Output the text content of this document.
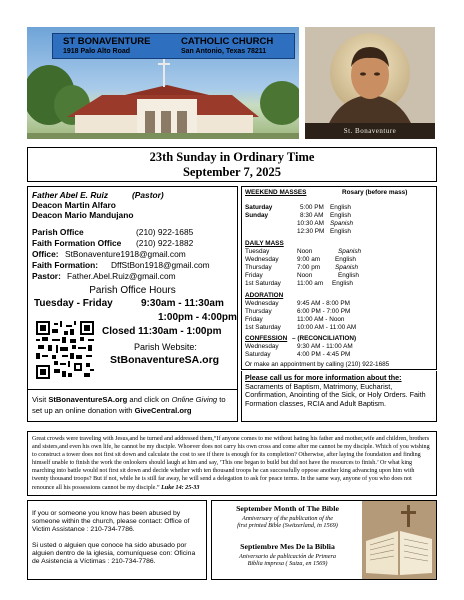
ST BONAVENTURE	CATHOLIC CHURCH
1918 Palo Alto Road	San Antonio, Texas 78211
St. Bonaventure
23th Sunday in Ordinary Time
September 7, 2025
Father Abel E. Ruiz	(Pastor)
Deacon Martin Alfaro
Deacon Mario Mandujano
Parish Office	(210) 922-1685
Faith Formation Office (210) 922-1882
Office: StBonaventure1918@gmail.com
Faith Formation: DffStBon1918@gmail.com
Pastor: Father.Abel.Ruiz@gmail.com
Parish Office Hours
Tuesday - Friday	9:30am - 11:30am
1:00pm - 4:00pm
Closed 11:30am - 1:00pm
Parish Website:
StBonaventureSA.org
Visit StBonaventureSA.org and click on Online Giving to set up an online donation with GiveCentral.org
WEEKEND MASSES	Rosary (before mass)
Saturday	5:00 PM English
Sunday	8:30 AM English
10:30 AM Spanish
12:30 PM English
DAILY MASS
Tuesday	Noon	Spanish
Wednesday	9:00 am English
Thursday	7:00 pm Spanish
Friday	Noon	English
1st Saturday	11:00 am English
ADORATION
Wednesday	9:45 AM - 8:00 PM
Thursday	6:00 PM - 7:00 PM
Friday	11:00 AM - Noon
1st Saturday	10:00 AM - 11:00 AM
CONFESSION – (RECONCILIATION)
Wednesday	9:30 AM - 11:00 AM
Saturday	4:00 PM - 4:45 PM
Or make an appointment by calling (210) 922-1685
Please call us for more information about the:
Sacraments of Baptism, Matrimony, Eucharist, Confirmation, Anointing of the Sick, or Holy Orders. Faith Formation classes, RCIA and Adult Baptism.
Great crowds were traveling with Jesus,and he turned and addressed them,“If anyone comes to me without hating his father and mother,wife and children, brothers and sisters,and even his own life, he cannot be my disciple. Whoever does not carry his own cross and come after me cannot be my disciple. Which of you wishing to construct a tower does not first sit down and calculate the cost to see if there is enough for its completion? Otherwise, after laying the foundation and finding himself unable to finish the work the onlookers should laugh at him and say, ‘This one began to build but did not have the resources to finish.’ Or what king marching into battle would not first sit down and decide whether with ten thousand troops he can successfully oppose another king advancing upon him with twenty thousand troops? But if not, while he is still far away, he will send a delegation to ask for peace terms. In the same way, anyone of you who does not renounce all his possessions cannot be my disciple.” Luke 14: 25-33
If you or someone you know has been abused by someone within the church, please contact: Office of Victim Assistance : 210-734-7786.
Si usted o alguien que conoce ha sido abusado por alguien dentro de la iglesia, comuníquese con: Oficina de Asistencia a Víctimas : 210-734-7786.
September Month of The Bible
Anniversary of the publication of the
first printed Bible (Switzerland, in 1569)
Septiembre Mes De la Biblia
Aniversario de publicación de Primera
Biblia impresa ( Suiza, en 1569)
